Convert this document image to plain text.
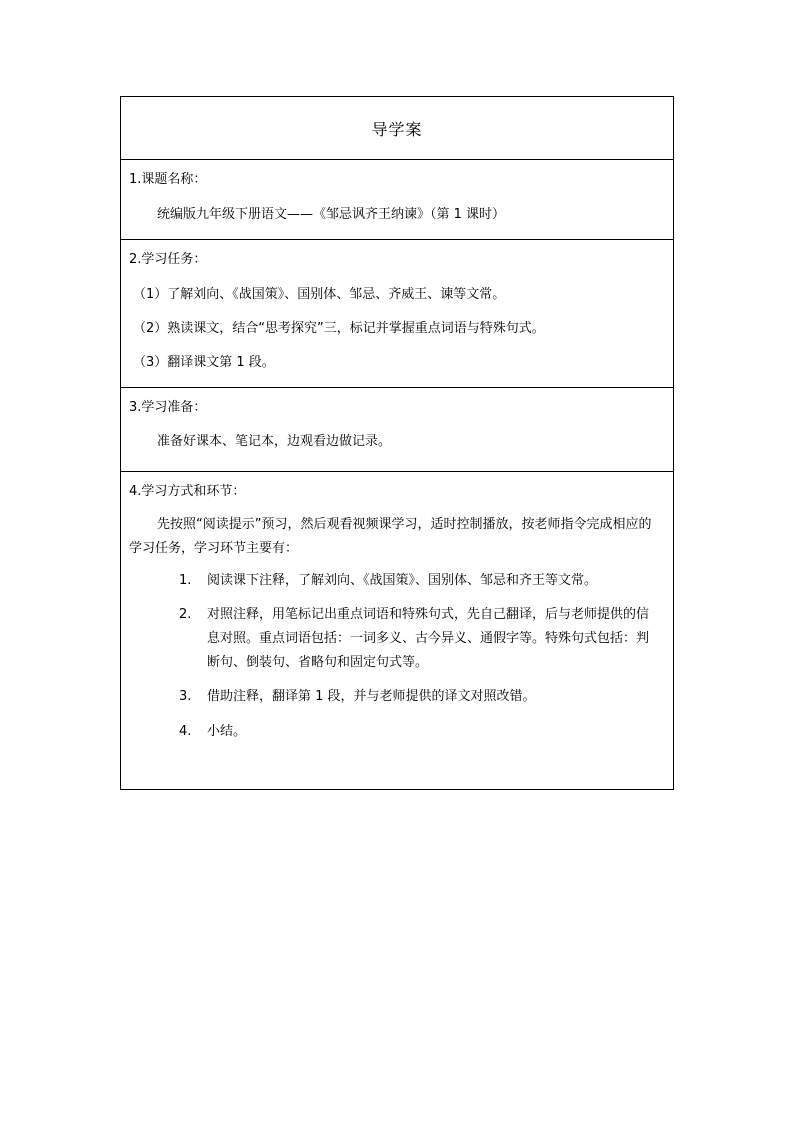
导学案
1.课题名称：
统编版九年级下册语文——《邹忌讽齐王纳谏》（第 1 课时）
2.学习任务：
（1）了解刘向、《战国策》、国别体、邹忌、齐威王、谏等文常。
（2）熟读课文，结合“思考探究”三，标记并掌握重点词语与特殊句式。
（3）翻译课文第 1 段。
3.学习准备：
准备好课本、笔记本，边观看边做记录。
4.学习方式和环节：
先按照“阅读提示”预习，然后观看视频课学习，适时控制播放，按老师指令完成相应的学习任务，学习环节主要有：
1.	阅读课下注释，了解刘向、《战国策》、国别体、邹忌和齐王等文常。
2.	对照注释，用笔标记出重点词语和特殊句式，先自己翻译，后与老师提供的信息对照。重点词语包括：一词多义、古今异义、通假字等。特殊句式包括：判断句、倒装句、省略句和固定句式等。
3.	借助注释，翻译第 1 段，并与老师提供的译文对照改错。
4.	小结。
